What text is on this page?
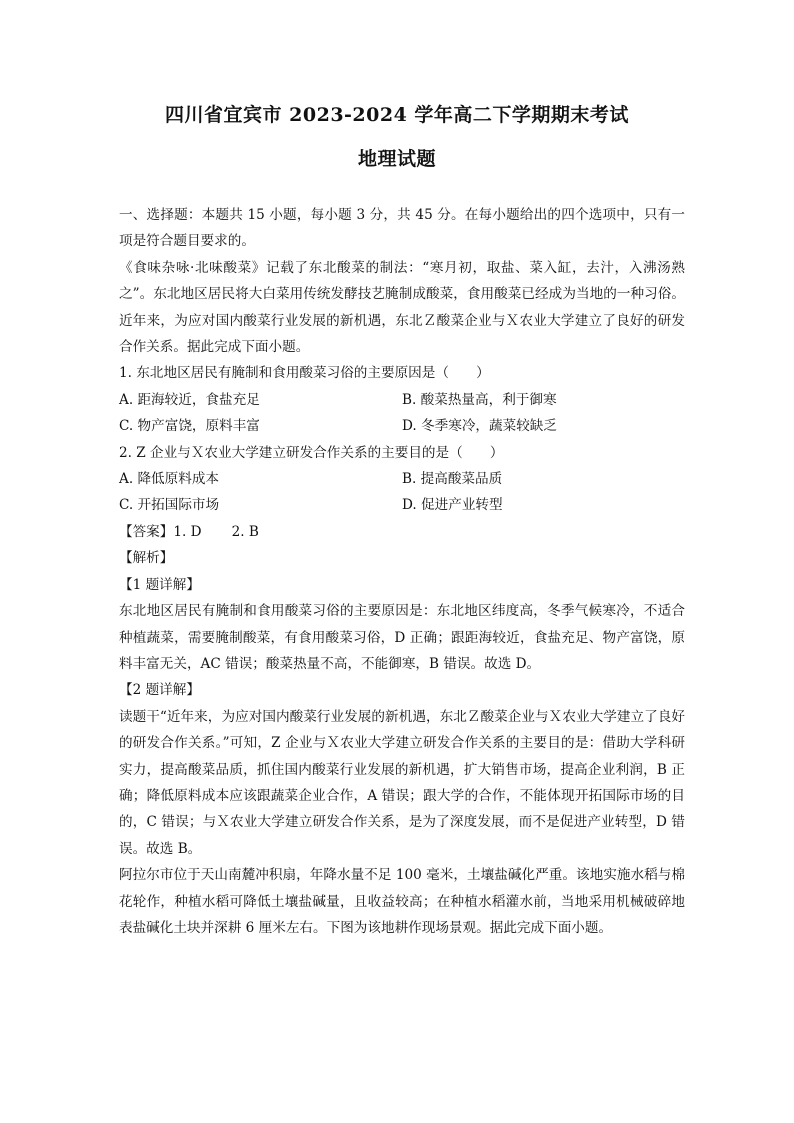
四川省宜宾市 2023-2024 学年高二下学期期末考试
地理试题

一、选择题：本题共 15 小题，每小题 3 分，共 45 分。在每小题给出的四个选项中，只有一项是符合题目要求的。

《食味杂咏·北味酸菜》记载了东北酸菜的制法：“寒月初，取盐、菜入缸，去汁，入沸汤熟之”。东北地区居民将大白菜用传统发酵技艺腌制成酸菜，食用酸菜已经成为当地的一种习俗。近年来，为应对国内酸菜行业发展的新机遇，东北Ｚ酸菜企业与Ｘ农业大学建立了良好的研发合作关系。据此完成下面小题。

1. 东北地区居民有腌制和食用酸菜习俗的主要原因是（　　）

A. 距海较近，食盐充足	B. 酸菜热量高，利于御寒
C. 物产富饶，原料丰富	D. 冬季寒冷，蔬菜较缺乏

2. Z 企业与Ｘ农业大学建立研发合作关系的主要目的是（　　）

A. 降低原料成本	B. 提高酸菜品质
C. 开拓国际市场	D. 促进产业转型

【答案】1. D 2. B

【解析】

【1 题详解】

东北地区居民有腌制和食用酸菜习俗的主要原因是：东北地区纬度高，冬季气候寒冷，不适合种植蔬菜，需要腌制酸菜，有食用酸菜习俗，D 正确；跟距海较近，食盐充足、物产富饶，原料丰富无关，AC 错误；酸菜热量不高，不能御寒，B 错误。故选 D。

【2 题详解】

读题干“近年来，为应对国内酸菜行业发展的新机遇，东北Ｚ酸菜企业与Ｘ农业大学建立了良好的研发合作关系。”可知，Z 企业与Ｘ农业大学建立研发合作关系的主要目的是：借助大学科研实力，提高酸菜品质，抓住国内酸菜行业发展的新机遇，扩大销售市场，提高企业利润，B 正确；降低原料成本应该跟蔬菜企业合作，A 错误；跟大学的合作，不能体现开拓国际市场的目的，C 错误；与Ｘ农业大学建立研发合作关系，是为了深度发展，而不是促进产业转型，D 错误。故选 B。

阿拉尔市位于天山南麓冲积扇，年降水量不足 100 毫米，土壤盐碱化严重。该地实施水稻与棉花轮作，种植水稻可降低土壤盐碱量，且收益较高；在种植水稻灌水前，当地采用机械破碎地表盐碱化土块并深耕 6 厘米左右。下图为该地耕作现场景观。据此完成下面小题。
